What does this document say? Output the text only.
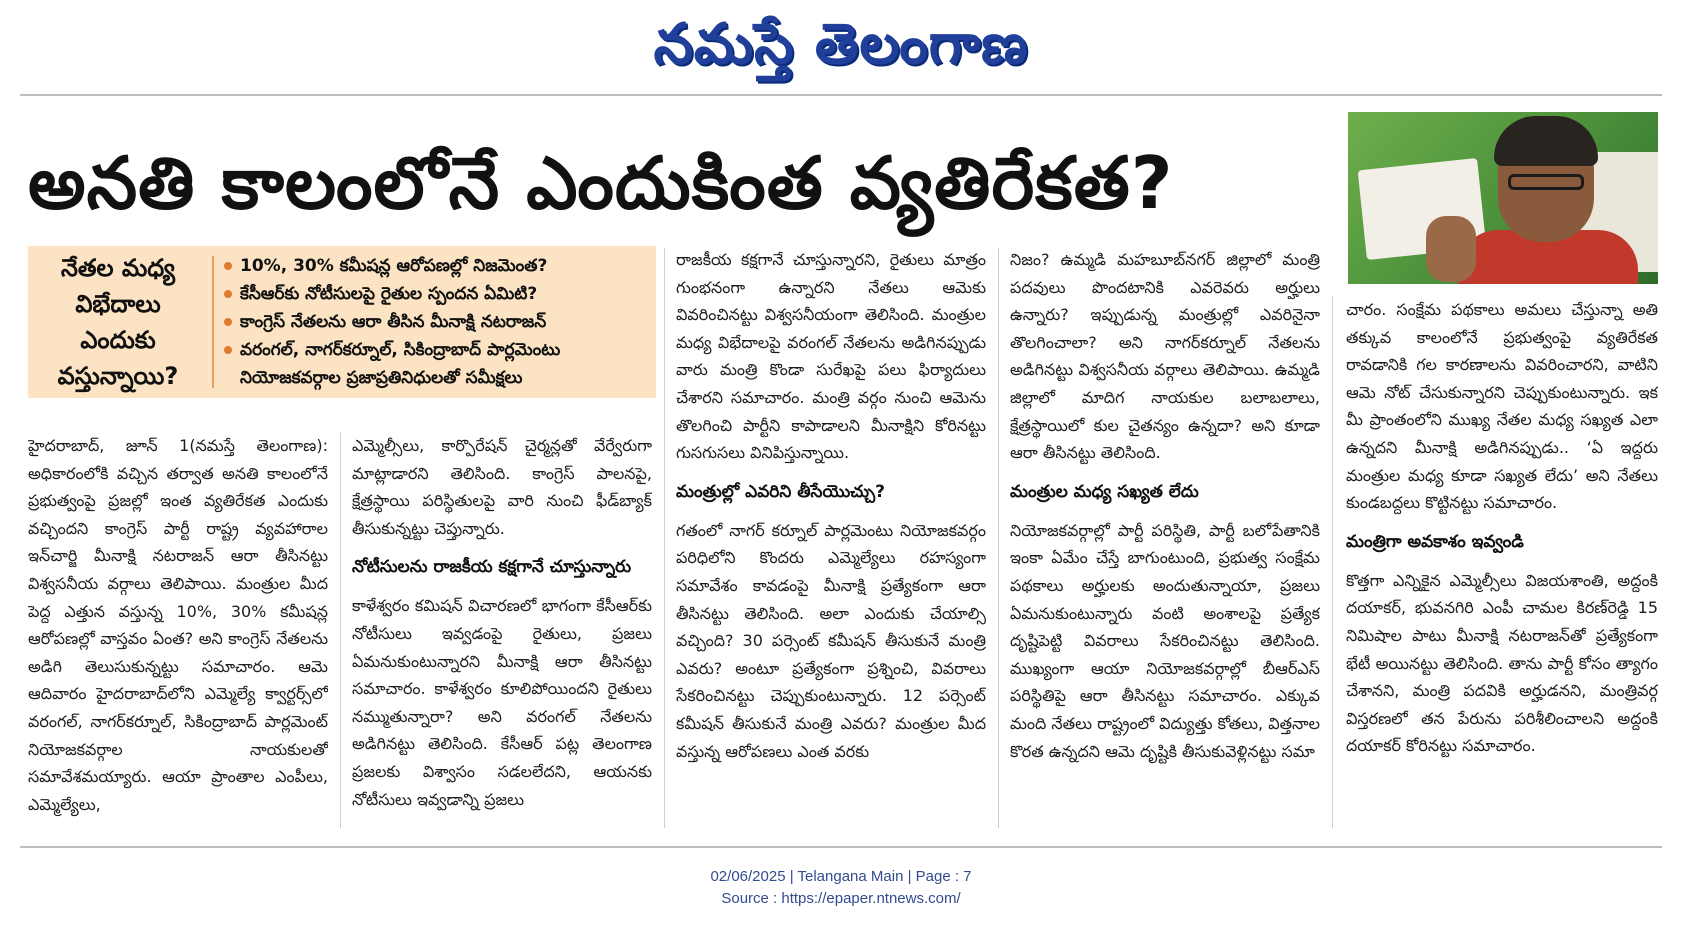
నమస్తే తెలంగాణ
అనతి కాలంలోనే ఎందుకింత వ్యతిరేకత?
నేతల మధ్య విభేదాలు ఎందుకు వస్తున్నాయి?
10%, 30% కమీషన్ల ఆరోపణల్లో నిజమెంత?
కేసీఆర్‌కు నోటీసులపై రైతుల స్పందన ఏమిటి?
కాంగ్రెస్ నేతలను ఆరా తీసిన మీనాక్షి నటరాజన్
వరంగల్, నాగర్‌కర్నూల్, సికింద్రాబాద్ పార్లమెంటు
నియోజకవర్గాల ప్రజాప్రతినిధులతో సమీక్షలు

హైదరాబాద్, జూన్ 1(నమస్తే తెలంగాణ): అధికారంలోకి వచ్చిన తర్వాత అనతి కాలంలోనే ప్రభుత్వంపై ప్రజల్లో ఇంత వ్యతిరేకత ఎందుకు వచ్చిందని కాంగ్రెస్ పార్టీ రాష్ట్ర వ్యవహారాల ఇన్‌చార్జి మీనాక్షి నటరాజన్ ఆరా తీసినట్టు విశ్వసనీయ వర్గాలు తెలిపాయి. మంత్రుల మీద పెద్ద ఎత్తున వస్తున్న 10%, 30% కమీషన్ల ఆరోపణల్లో వాస్తవం ఏంత? అని కాంగ్రెస్ నేతలను అడిగి తెలుసుకున్నట్టు సమాచారం. ఆమె ఆదివారం హైదరాబాద్‌లోని ఎమ్మెల్యే క్వార్టర్స్‌లో వరంగల్, నాగర్‌కర్నూల్, సికింద్రాబాద్ పార్లమెంట్ నియోజకవర్గాల నాయకులతో సమావేశమయ్యారు. ఆయా ప్రాంతాల ఎంపీలు, ఎమ్మెల్యేలు,

ఎమ్మెల్సీలు, కార్పొరేషన్ చైర్మన్లతో వేర్వేరుగా మాట్లాడారని తెలిసింది. కాంగ్రెస్ పాలనపై, క్షేత్రస్థాయి పరిస్థితులపై వారి నుంచి ఫీడ్‌బ్యాక్ తీసుకున్నట్టు చెప్తున్నారు.

నోటీసులను రాజకీయ కక్షగానే చూస్తున్నారు

కాళేశ్వరం కమిషన్ విచారణలో భాగంగా కేసీఆర్‌కు నోటీసులు ఇవ్వడంపై రైతులు, ప్రజలు ఏమనుకుంటున్నారని మీనాక్షి ఆరా తీసినట్టు సమాచారం. కాళేశ్వరం కూలిపోయిందని రైతులు నమ్ముతున్నారా? అని వరంగల్ నేతలను అడిగినట్టు తెలిసింది. కేసీఆర్ పట్ల తెలంగాణ ప్రజలకు విశ్వాసం సడలలేదని, ఆయనకు నోటీసులు ఇవ్వడాన్ని ప్రజలు

రాజకీయ కక్షగానే చూస్తున్నారని, రైతులు మాత్రం గుంభనంగా ఉన్నారని నేతలు ఆమెకు వివరించినట్టు విశ్వసనీయంగా తెలిసింది. మంత్రుల మధ్య విభేదాలపై వరంగల్ నేతలను అడిగినప్పుడు వారు మంత్రి కొండా సురేఖపై పలు ఫిర్యాదులు చేశారని సమాచారం. మంత్రి వర్గం నుంచి ఆమెను తొలగించి పార్టీని కాపాడాలని మీనాక్షిని కోరినట్టు గుసగుసలు వినిపిస్తున్నాయి.

మంత్రుల్లో ఎవరిని తీసేయొచ్చు?

గతంలో నాగర్ కర్నూల్ పార్లమెంటు నియోజకవర్గం పరిధిలోని కొందరు ఎమ్మెల్యేలు రహస్యంగా సమావేశం కావడంపై మీనాక్షి ప్రత్యేకంగా ఆరా తీసినట్టు తెలిసింది. అలా ఎందుకు చేయాల్సి వచ్చింది? 30 పర్సెంట్ కమీషన్ తీసుకునే మంత్రి ఎవరు? అంటూ ప్రత్యేకంగా ప్రశ్నించి, వివరాలు సేకరించినట్టు చెప్పుకుంటున్నారు. 12 పర్సెంట్ కమీషన్ తీసుకునే మంత్రి ఎవరు? మంత్రుల మీద వస్తున్న ఆరోపణలు ఎంత వరకు

నిజం? ఉమ్మడి మహబూబ్‌నగర్ జిల్లాలో మంత్రి పదవులు పొందటానికి ఎవరెవరు అర్హులు ఉన్నారు? ఇప్పుడున్న మంత్రుల్లో ఎవరినైనా తొలగించాలా? అని నాగర్‌కర్నూల్ నేతలను అడిగినట్టు విశ్వసనీయ వర్గాలు తెలిపాయి. ఉమ్మడి జిల్లాలో మాదిగ నాయకుల బలాబలాలు, క్షేత్రస్థాయిలో కుల చైతన్యం ఉన్నదా? అని కూడా ఆరా తీసినట్టు తెలిసింది.

మంత్రుల మధ్య సఖ్యత లేదు

నియోజకవర్గాల్లో పార్టీ పరిస్థితి, పార్టీ బలోపేతానికి ఇంకా ఏమేం చేస్తే బాగుంటుంది, ప్రభుత్వ సంక్షేమ పథకాలు అర్హులకు అందుతున్నాయా, ప్రజలు ఏమనుకుంటున్నారు వంటి అంశాలపై ప్రత్యేక దృష్టిపెట్టి వివరాలు సేకరించినట్టు తెలిసింది. ముఖ్యంగా ఆయా నియోజకవర్గాల్లో బీఆర్ఎస్ పరిస్థితిపై ఆరా తీసినట్టు సమాచారం. ఎక్కువ మంది నేతలు రాష్ట్రంలో విద్యుత్తు కోతలు, విత్తనాల కొరత ఉన్నదని ఆమె దృష్టికి తీసుకువెళ్లినట్టు సమా

చారం. సంక్షేమ పథకాలు అమలు చేస్తున్నా అతి తక్కువ కాలంలోనే ప్రభుత్వంపై వ్యతిరేకత రావడానికి గల కారణాలను వివరించారని, వాటిని ఆమె నోట్ చేసుకున్నారని చెప్పుకుంటున్నారు. ఇక మీ ప్రాంతంలోని ముఖ్య నేతల మధ్య సఖ్యత ఎలా ఉన్నదని మీనాక్షి అడిగినప్పుడు.. ‘ఏ ఇద్దరు మంత్రుల మధ్య కూడా సఖ్యత లేదు’ అని నేతలు కుండబద్దలు కొట్టినట్టు సమాచారం.

మంత్రిగా అవకాశం ఇవ్వండి

కొత్తగా ఎన్నికైన ఎమ్మెల్సీలు విజయశాంతి, అద్దంకి దయాకర్, భువనగిరి ఎంపీ చామల కిరణ్‌రెడ్డి 15 నిమిషాల పాటు మీనాక్షి నటరాజన్‌తో ప్రత్యేకంగా భేటీ అయినట్టు తెలిసింది. తాను పార్టీ కోసం త్యాగం చేశానని, మంత్రి పదవికి అర్హుడనని, మంత్రివర్గ విస్తరణలో తన పేరును పరిశీలించాలని అద్దంకి దయాకర్ కోరినట్టు సమాచారం.

02/06/2025 | Telangana Main | Page : 7
Source : https://epaper.ntnews.com/
